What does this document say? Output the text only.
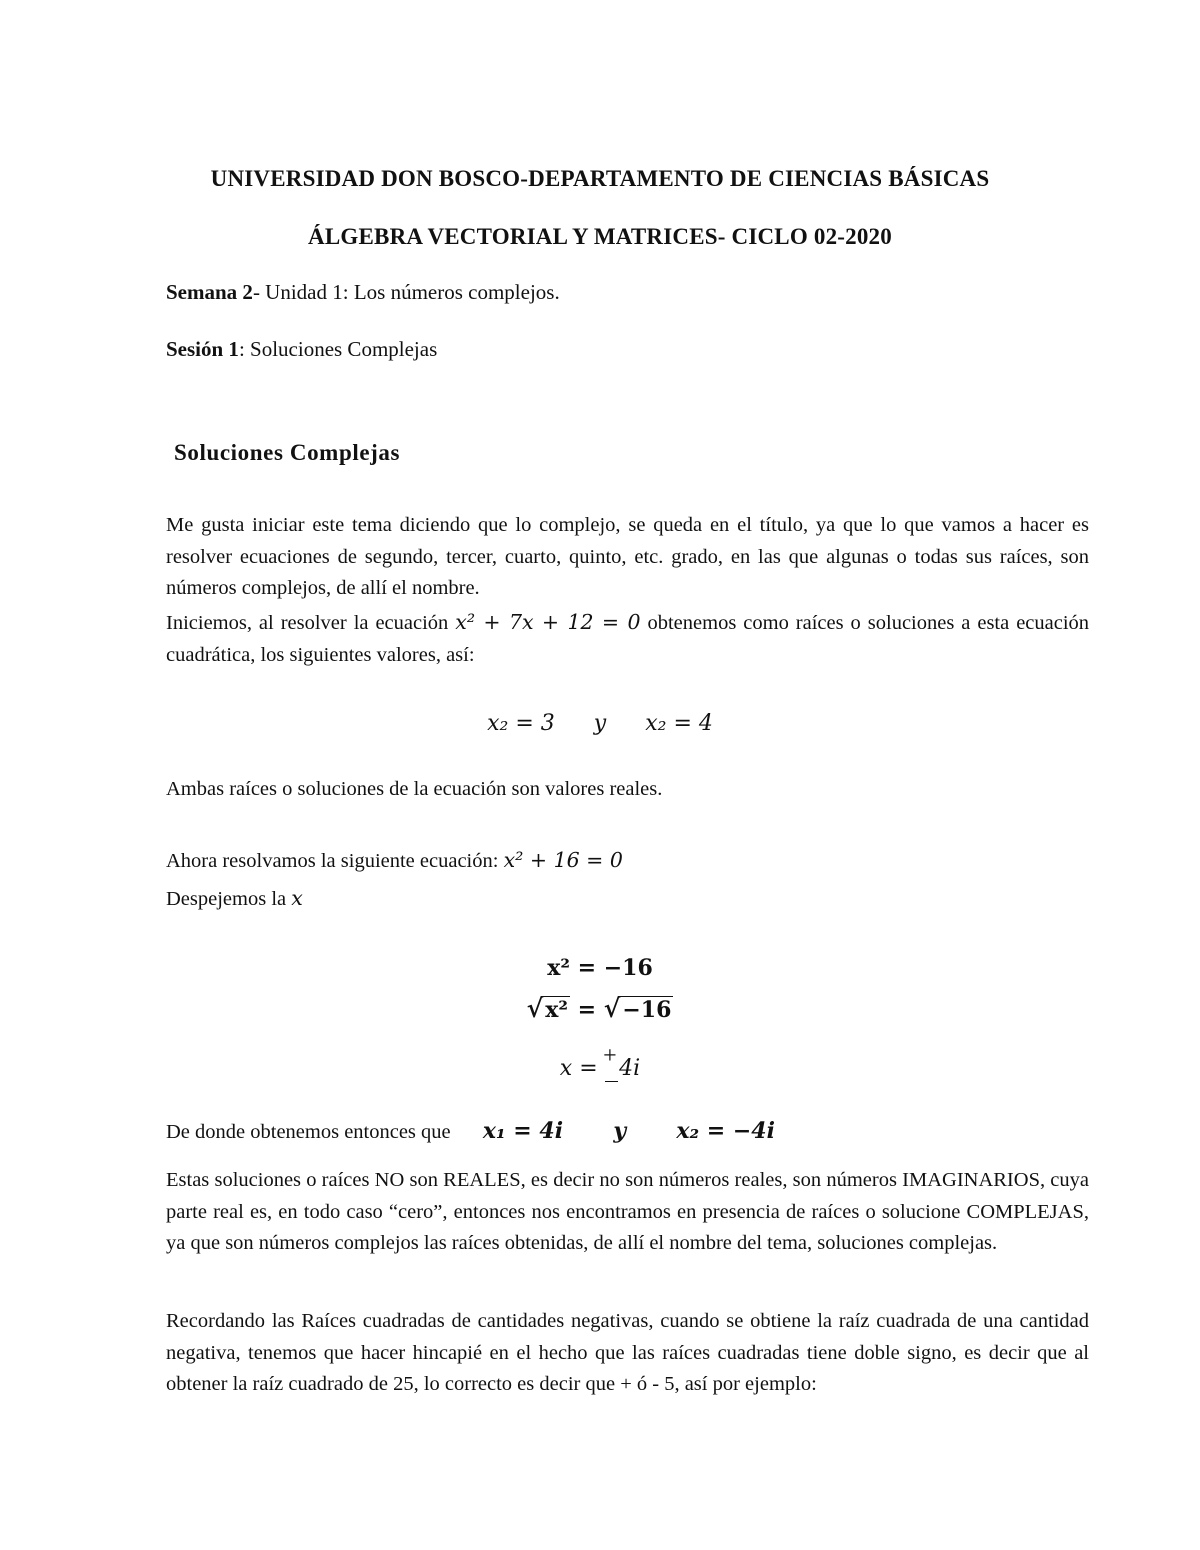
UNIVERSIDAD DON BOSCO-DEPARTAMENTO DE CIENCIAS BÁSICAS
ÁLGEBRA VECTORIAL Y MATRICES- CICLO 02-2020
Semana 2- Unidad 1: Los números complejos.
Sesión 1: Soluciones Complejas
Soluciones Complejas

Me gusta iniciar este tema diciendo que lo complejo, se queda en el título, ya que lo que vamos a hacer es resolver ecuaciones de segundo, tercer, cuarto, quinto, etc. grado, en las que algunas o todas sus raíces, son números complejos, de allí el nombre.

Iniciemos, al resolver la ecuación x² + 7x + 12 = 0 obtenemos como raíces o soluciones a esta ecuación cuadrática, los siguientes valores, así:

x₂ = 3 y x₂ = 4
Ambas raíces o soluciones de la ecuación son valores reales.
Ahora resolvamos la siguiente ecuación: x² + 16 = 0
Despejemos la x
x² = −16
√x² = √−16
x = + 4i
De donde obtenemos entonces que x₁ = 4i y x₂ = −4i

Estas soluciones o raíces NO son REALES, es decir no son números reales, son números IMAGINARIOS, cuya parte real es, en todo caso “cero”, entonces nos encontramos en presencia de raíces o solucione COMPLEJAS, ya que son números complejos las raíces obtenidas, de allí el nombre del tema, soluciones complejas.

Recordando las Raíces cuadradas de cantidades negativas, cuando se obtiene la raíz cuadrada de una cantidad negativa, tenemos que hacer hincapié en el hecho que las raíces cuadradas tiene doble signo, es decir que al obtener la raíz cuadrado de 25, lo correcto es decir que + ó - 5, así por ejemplo:
